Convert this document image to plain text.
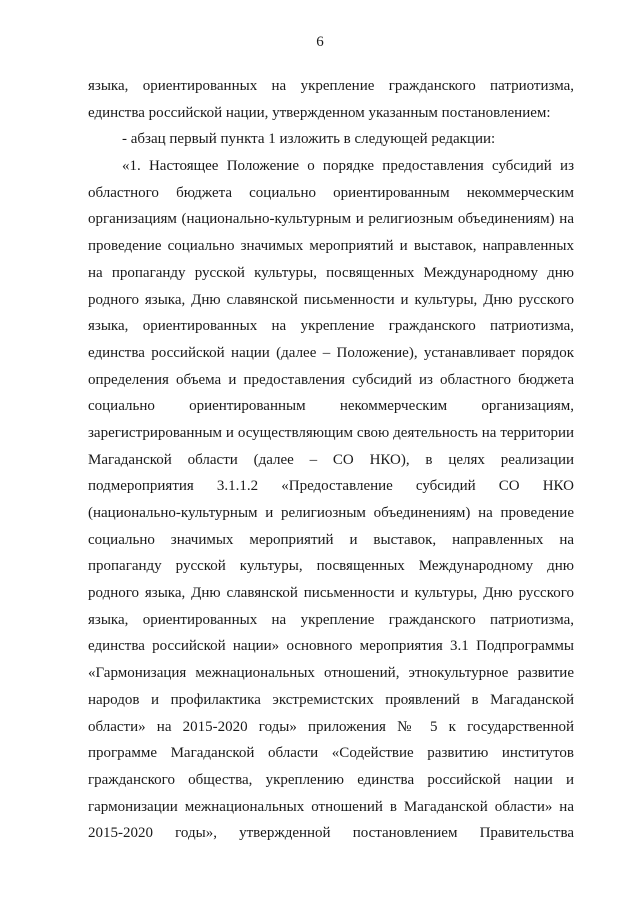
6
языка, ориентированных на укрепление гражданского патриотизма,
единства российской нации, утвержденном указанным постановлением:
- абзац первый пункта 1 изложить в следующей редакции:
«1. Настоящее Положение о порядке предоставления субсидий из
областного бюджета социально ориентированным некоммерческим
организациям (национально-культурным и религиозным объединениям) на
проведение социально значимых мероприятий и выставок, направленных
на пропаганду русской культуры, посвященных Международному дню
родного языка, Дню славянской письменности и культуры, Дню русского
языка, ориентированных на укрепление гражданского патриотизма,
единства российской нации (далее – Положение), устанавливает порядок
определения объема и предоставления субсидий из областного бюджета
социально ориентированным некоммерческим организациям,
зарегистрированным и осуществляющим свою деятельность на территории
Магаданской области (далее – СО НКО), в целях реализации
подмероприятия 3.1.1.2 «Предоставление субсидий СО НКО
(национально-культурным и религиозным объединениям) на проведение
социально значимых мероприятий и выставок, направленных на
пропаганду русской культуры, посвященных Международному дню
родного языка, Дню славянской письменности и культуры, Дню русского
языка, ориентированных на укрепление гражданского патриотизма,
единства российской нации» основного мероприятия 3.1 Подпрограммы
«Гармонизация межнациональных отношений, этнокультурное развитие
народов и профилактика экстремистских проявлений в Магаданской
области» на 2015-2020 годы» приложения № 5 к государственной
программе Магаданской области «Содействие развитию институтов
гражданского общества, укреплению единства российской нации и
гармонизации межнациональных отношений в Магаданской области» на
2015-2020 годы», утвержденной постановлением Правительства
